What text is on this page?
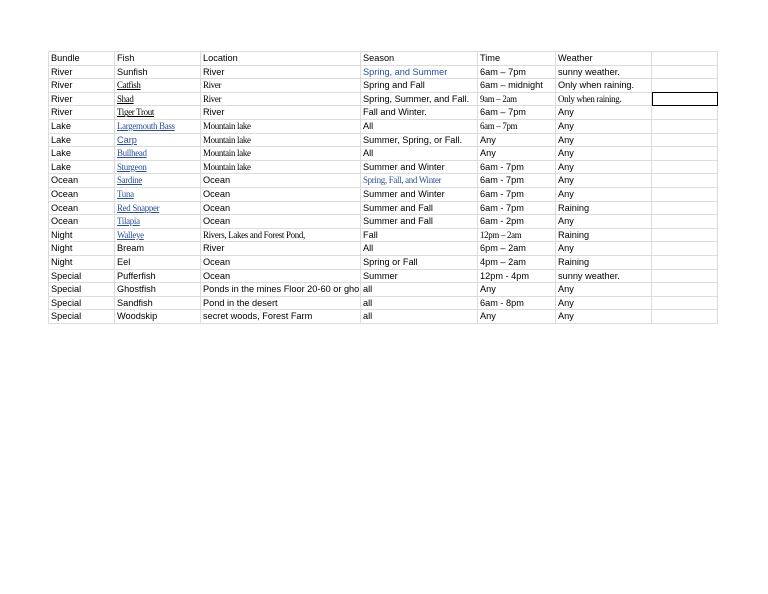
Bundle	Fish	Location	Season	Time	Weather	
River	Sunfish	River	Spring, and Summer	6am – 7pm	sunny weather.	
River	Catfish	River	Spring and Fall	6am – midnight	Only when raining.	
River	Shad	River	Spring, Summer, and Fall.	9am – 2am	Only when raining.	
River	Tiger Trout	River	Fall and Winter.	6am – 7pm	Any	
Lake	Largemouth Bass	Mountain lake	All	6am – 7pm	Any	
Lake	Carp	Mountain lake	Summer, Spring, or Fall.	Any	Any	
Lake	Bullhead	Mountain lake	All	Any	Any	
Lake	Sturgeon	Mountain lake	Summer and Winter	6am - 7pm	Any	
Ocean	Sardine	Ocean	Spring, Fall, and Winter	6am - 7pm	Any	
Ocean	Tuna	Ocean	Summer and Winter	6am - 7pm	Any	
Ocean	Red Snapper	Ocean	Summer and Fall	6am - 7pm	Raining	
Ocean	Tilapia	Ocean	Summer and Fall	6am - 2pm	Any	
Night	Walleye	Rivers, Lakes and Forest Pond,	Fall	12pm – 2am	Raining	
Night	Bream	River	All	6pm – 2am	Any	
Night	Eel	Ocean	Spring or Fall	4pm – 2am	Raining	
Special	Pufferfish	Ocean	Summer	12pm - 4pm	sunny weather.	
Special	Ghostfish	Ponds in the mines Floor 20-60 or gho	all	Any	Any	
Special	Sandfish	Pond in the desert	all	6am - 8pm	Any	
Special	Woodskip	secret woods, Forest Farm	all	Any	Any	
